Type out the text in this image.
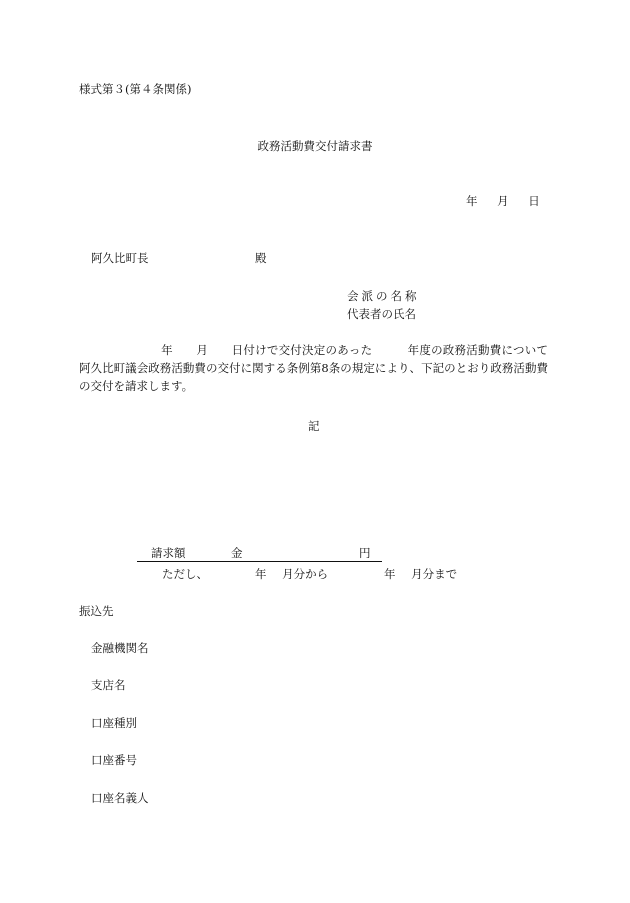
様式第３(第４条関係)
政務活動費交付請求書
年 月 日
阿久比町長	殿
会派の名称
代表者の氏名
　　　　　　　年　　月　　日付けで交付決定のあった　　　年度の政務活動費について阿久比町議会政務活動費の交付に関する条例第8条の規定により、下記のとおり政務活動費の交付を請求します。
記
請求額	金	円
ただし、	年 月分から	年 月分まで
振込先
金融機関名
支店名
口座種別
口座番号
口座名義人
